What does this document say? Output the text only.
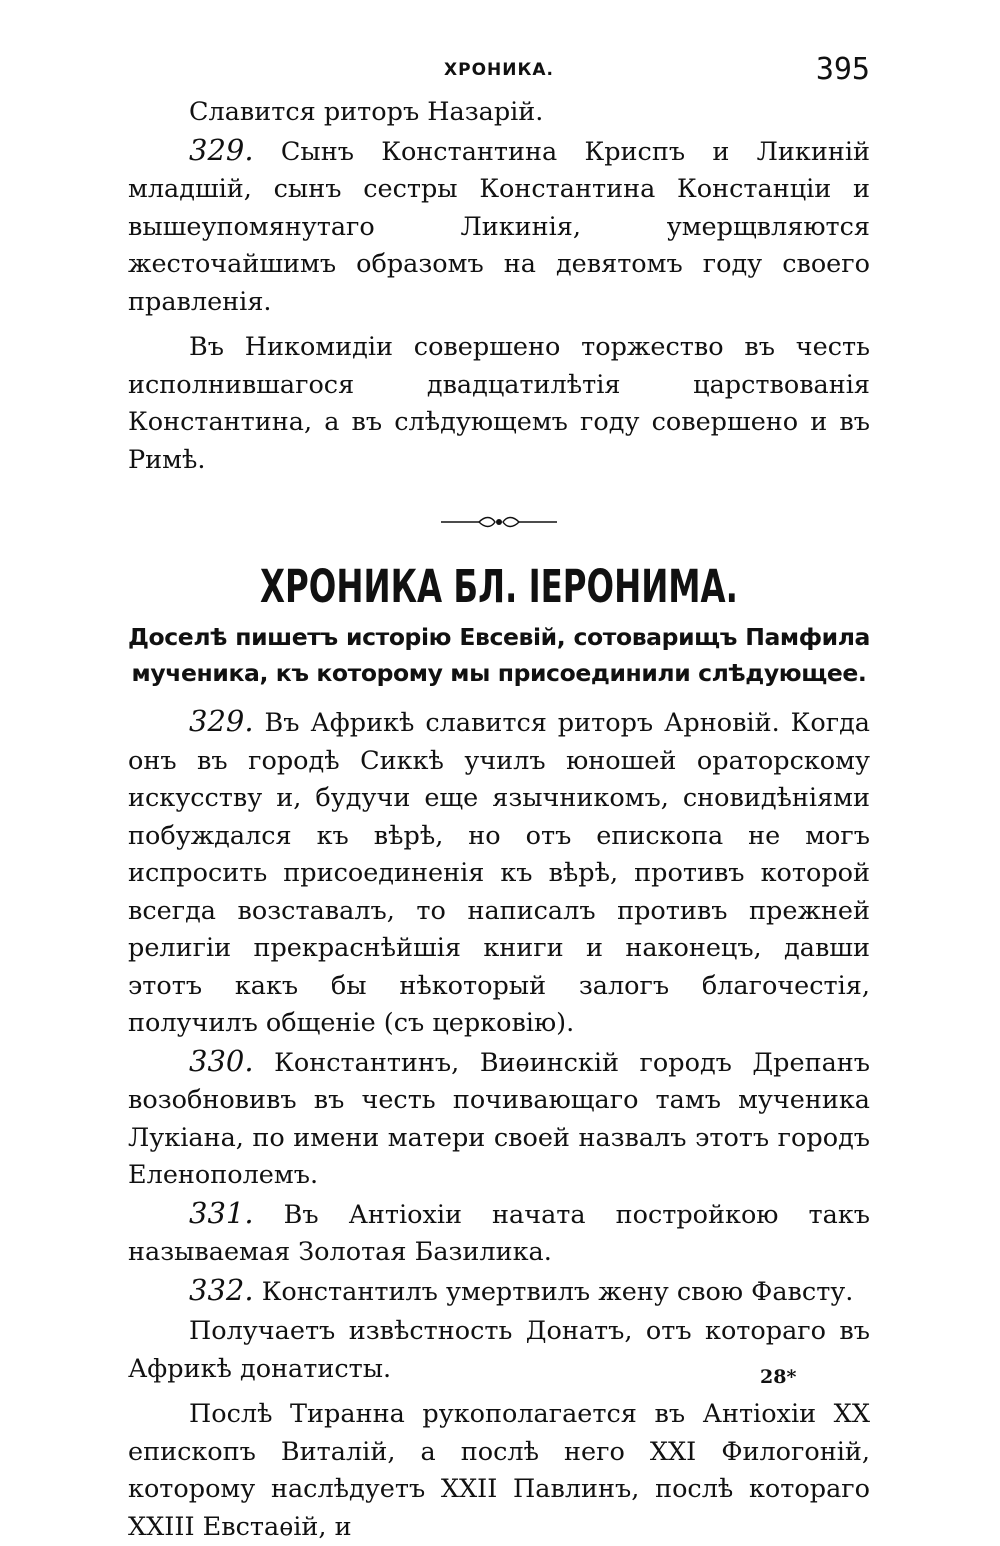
ХРОНИКА.	395

Славится риторъ Назарій.

329. Сынъ Константина Криспъ и Ликиній младшій, сынъ сестры Константина Констанціи и вышеупомянутаго Ликинія, умерщвляются жесточайшимъ образомъ на девятомъ году своего правленія.

Въ Никомидіи совершено торжество въ честь исполнившагося двадцатилѣтія царствованія Константина, а въ слѣдующемъ году совершено и въ Римѣ.

ХРОНИКА БЛ. ІЕРОНИМА.

Доселѣ пишетъ исторію Евсевій, сотоварищъ Памфила мученика, къ которому мы присоединили слѣдующее.

329. Въ Африкѣ славится риторъ Арновій. Когда онъ въ городѣ Сиккѣ училъ юношей ораторскому искусству и, будучи еще язычникомъ, сновидѣніями побуждался къ вѣрѣ, но отъ епископа не могъ испросить присоединенія къ вѣрѣ, противъ которой всегда возставалъ, то написалъ противъ прежней религіи прекраснѣйшія книги и наконецъ, давши этотъ какъ бы нѣкоторый залогъ благочестія, получилъ общеніе (съ церковію).

330. Константинъ, Виѳинскій городъ Дрепанъ возобновивъ въ честь почивающаго тамъ мученика Лукіана, по имени матери своей назвалъ этотъ городъ Еленополемъ.

331. Въ Антіохіи начата постройкою такъ называемая Золотая Базилика.

332. Константилъ умертвилъ жену свою Фавсту.

Получаетъ извѣстность Донатъ, отъ котораго въ Африкѣ донатисты.

Послѣ Тиранна рукополагается въ Антіохіи XX епископъ Виталій, а послѣ него XXI Филогоній, которому наслѣдуетъ XXII Павлинъ, послѣ котораго XXIII Евстаѳій, и

28*
